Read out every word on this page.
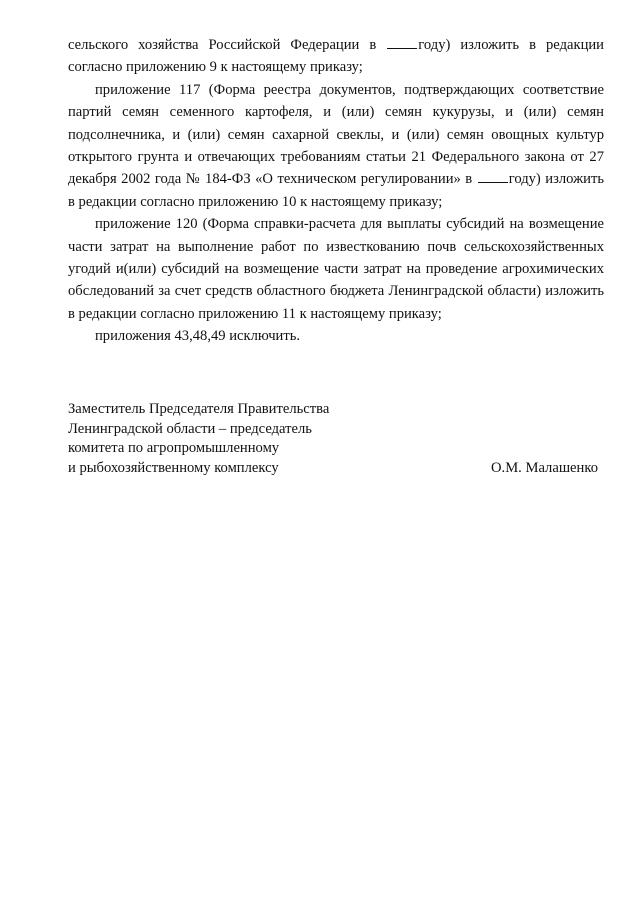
сельского хозяйства Российской Федерации в году) изложить в редакции согласно приложению 9 к настоящему приказу;

приложение 117 (Форма реестра документов, подтверждающих соответствие партий семян семенного картофеля, и (или) семян кукурузы, и (или) семян подсолнечника, и (или) семян сахарной свеклы, и (или) семян овощных культур открытого грунта и отвечающих требованиям статьи 21 Федерального закона от 27 декабря 2002 года № 184-ФЗ «О техническом регулировании» в году) изложить в редакции согласно приложению 10 к настоящему приказу;

приложение 120 (Форма справки-расчета для выплаты субсидий на возмещение части затрат на выполнение работ по известкованию почв сельскохозяйственных угодий и(или) субсидий на возмещение части затрат на проведение агрохимических обследований за счет средств областного бюджета Ленинградской области) изложить в редакции согласно приложению 11 к настоящему приказу;

приложения 43,48,49 исключить.

Заместитель Председателя Правительства
Ленинградской области – председатель
комитета по агропромышленному
и рыбохозяйственному комплексу	О.М. Малашенко
